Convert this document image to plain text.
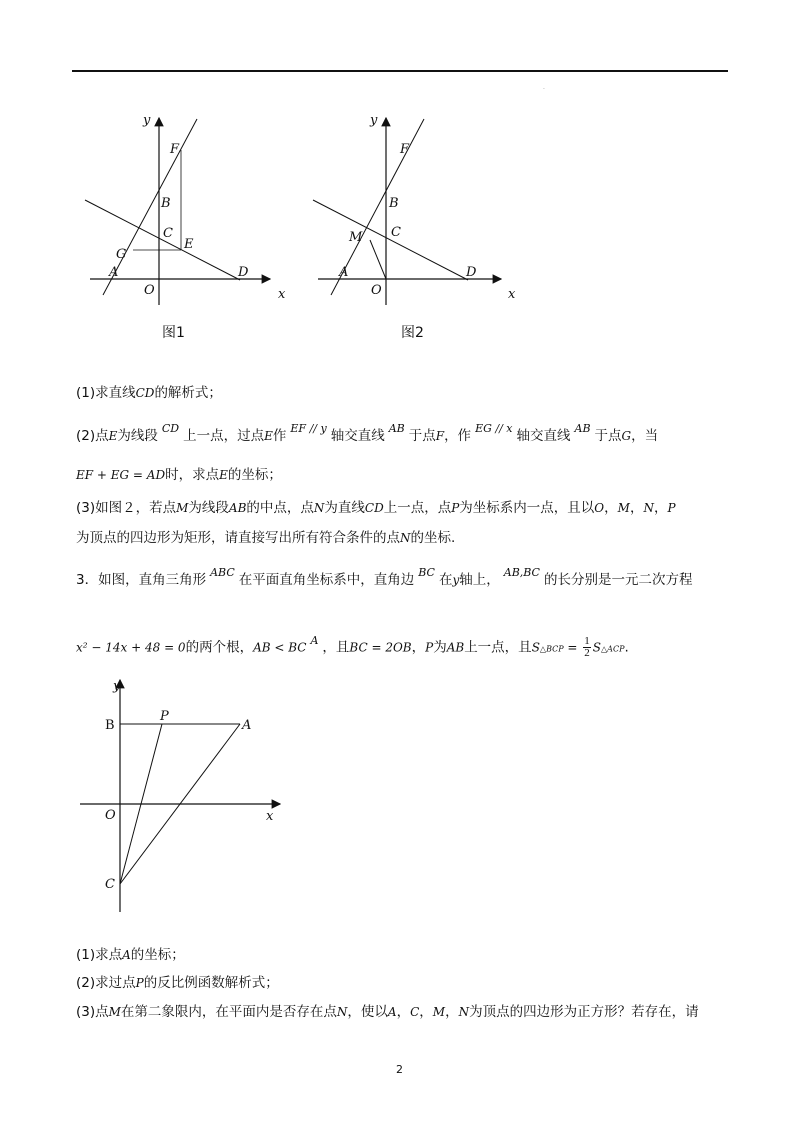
.
y
x
F
B
C
E
G
A	D
O
图1
y
x
F
B
C
M
A	D
O
图2
(1)求直线CD的解析式；
(2)点E为线段 $^{CD}$ 上一点，过点E作 $^{EF // y}$ 轴交直线 $^{AB}$ 于点F，作 $^{EG // x}$ 轴交直线 $^{AB}$ 于点G，当
EF + EG = AD时，求点E的坐标；
(3)如图２，若点M为线段AB的中点，点N为直线CD上一点，点P为坐标系内一点，且以O，M，N，P
为顶点的四边形为矩形，请直接写出所有符合条件的点N的坐标.
3．如图，直角三角形 $^{ABC}$ 在平面直角坐标系中，直角边 $^{BC}$ 在y轴上， $^{AB,BC}$ 的长分别是一元二次方程
x² − 14x + 48 = 0的两个根，AB < $BC^A$ ，且BC = 2OB，P为AB上一点，且S△BCP = $\frac{1}{2}$ S△ACP.
y
x
B
P
A
O
C
(1)求点A的坐标；
(2)求过点P的反比例函数解析式；
(3)点M在第二象限内，在平面内是否存在点N，使以A，C，M，N为顶点的四边形为正方形？若存在，请
2
